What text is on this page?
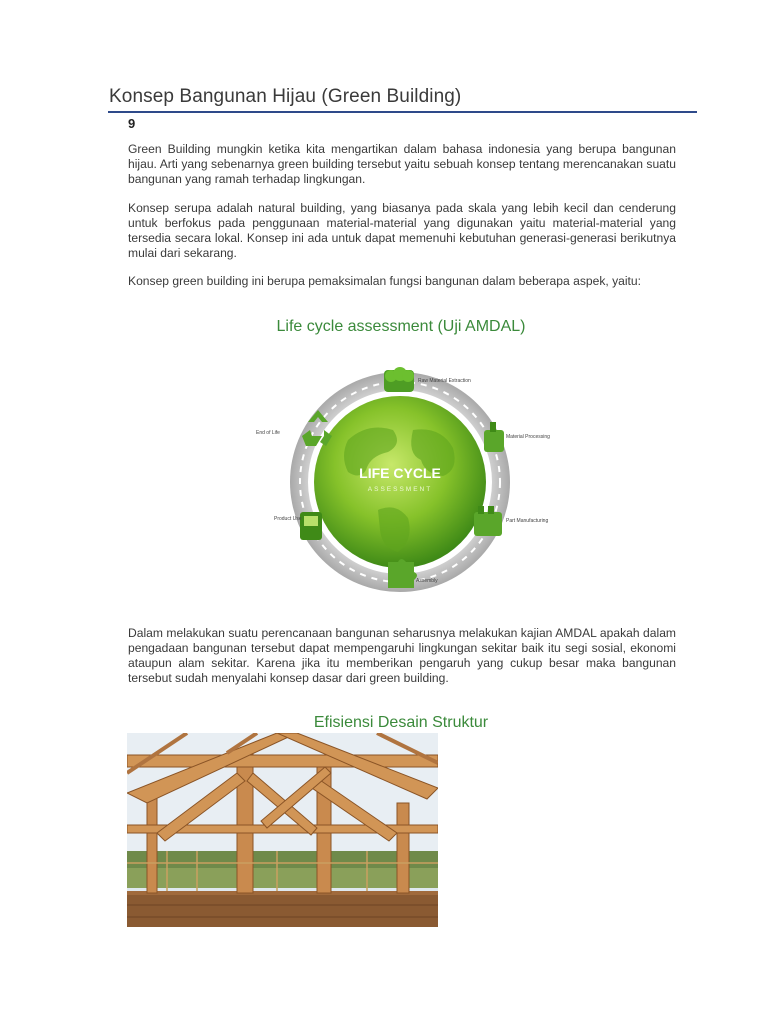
Konsep Bangunan Hijau (Green Building)
9
Green Building mungkin ketika kita mengartikan dalam bahasa indonesia yang berupa bangunan hijau. Arti yang sebenarnya green building tersebut yaitu sebuah konsep tentang merencanakan suatu bangunan yang ramah terhadap lingkungan.
Konsep serupa adalah natural building, yang biasanya pada skala yang lebih kecil dan cenderung untuk berfokus pada penggunaan material-material yang digunakan yaitu material-material yang tersedia secara lokal. Konsep ini ada untuk dapat memenuhi kebutuhan generasi-generasi berikutnya mulai dari sekarang.
Konsep green building ini berupa pemaksimalan fungsi bangunan dalam beberapa aspek, yaitu:
Life cycle assessment (Uji AMDAL)
LIFE CYCLE
ASSESSMENT
Raw Material Extraction
Material Processing
Part Manufacturing
Assembly
Product Use
End of Life
Dalam melakukan suatu perencanaan bangunan seharusnya melakukan kajian AMDAL apakah dalam pengadaan bangunan tersebut dapat mempengaruhi lingkungan sekitar baik itu segi sosial, ekonomi ataupun alam sekitar. Karena jika itu memberikan pengaruh yang cukup besar maka bangunan tersebut sudah menyalahi konsep dasar dari green building.
Efisiensi Desain Struktur
